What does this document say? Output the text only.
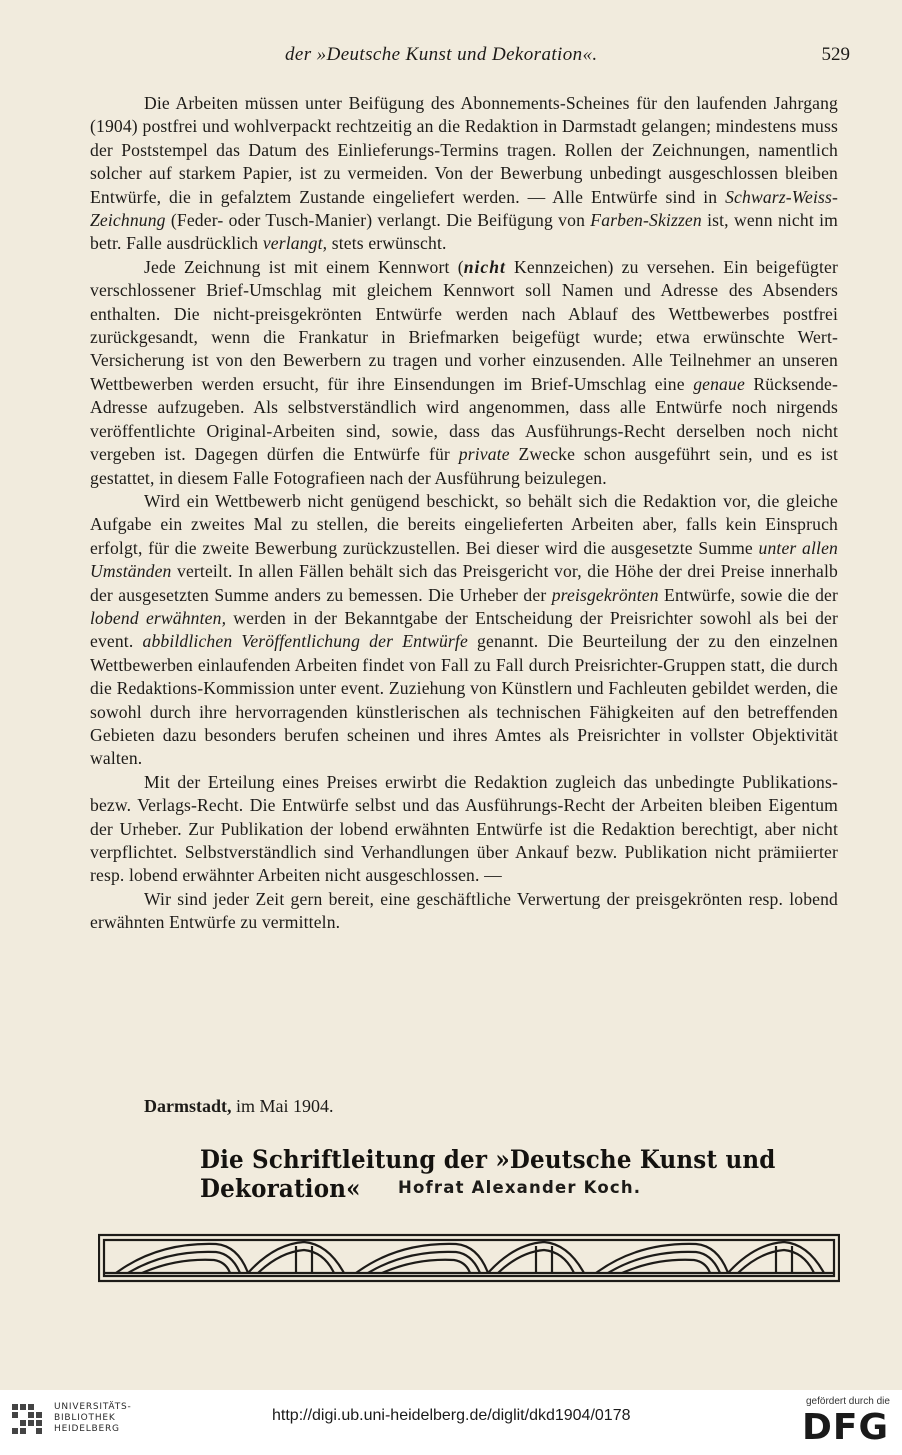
der »Deutsche Kunst und Dekoration«.	529

Die Arbeiten müssen unter Beifügung des Abonnements-Scheines für den laufenden Jahrgang (1904) postfrei und wohlverpackt rechtzeitig an die Redaktion in Darmstadt gelangen; mindestens muss der Poststempel das Datum des Einlieferungs-Termins tragen. Rollen der Zeichnungen, namentlich solcher auf starkem Papier, ist zu vermeiden. Von der Bewerbung unbedingt ausgeschlossen bleiben Entwürfe, die in gefalztem Zustande eingeliefert werden. — Alle Entwürfe sind in Schwarz-Weiss-Zeichnung (Feder- oder Tusch-Manier) verlangt. Die Beifügung von Farben-Skizzen ist, wenn nicht im betr. Falle ausdrücklich verlangt, stets erwünscht.

Jede Zeichnung ist mit einem Kennwort (nicht Kennzeichen) zu versehen. Ein beigefügter verschlossener Brief-Umschlag mit gleichem Kennwort soll Namen und Adresse des Absenders enthalten. Die nicht-preisgekrönten Entwürfe werden nach Ablauf des Wettbewerbes postfrei zurückgesandt, wenn die Frankatur in Briefmarken beigefügt wurde; etwa erwünschte Wert-Versicherung ist von den Bewerbern zu tragen und vorher einzusenden. Alle Teilnehmer an unseren Wettbewerben werden ersucht, für ihre Einsendungen im Brief-Umschlag eine genaue Rücksende-Adresse aufzugeben. Als selbstverständlich wird angenommen, dass alle Entwürfe noch nirgends veröffentlichte Original-Arbeiten sind, sowie, dass das Ausführungs-Recht derselben noch nicht vergeben ist. Dagegen dürfen die Entwürfe für private Zwecke schon ausgeführt sein, und es ist gestattet, in diesem Falle Fotografieen nach der Ausführung beizulegen.

Wird ein Wettbewerb nicht genügend beschickt, so behält sich die Redaktion vor, die gleiche Aufgabe ein zweites Mal zu stellen, die bereits eingelieferten Arbeiten aber, falls kein Einspruch erfolgt, für die zweite Bewerbung zurückzustellen. Bei dieser wird die ausgesetzte Summe unter allen Umständen verteilt. In allen Fällen behält sich das Preisgericht vor, die Höhe der drei Preise innerhalb der ausgesetzten Summe anders zu bemessen. Die Urheber der preisgekrönten Entwürfe, sowie die der lobend erwähnten, werden in der Bekanntgabe der Entscheidung der Preisrichter sowohl als bei der event. abbildlichen Veröffentlichung der Entwürfe genannt. Die Beurteilung der zu den einzelnen Wettbewerben einlaufenden Arbeiten findet von Fall zu Fall durch Preisrichter-Gruppen statt, die durch die Redaktions-Kommission unter event. Zuziehung von Künstlern und Fachleuten gebildet werden, die sowohl durch ihre hervorragenden künstlerischen als technischen Fähigkeiten auf den betreffenden Gebieten dazu besonders berufen scheinen und ihres Amtes als Preisrichter in vollster Objektivität walten.

Mit der Erteilung eines Preises erwirbt die Redaktion zugleich das unbedingte Publikations- bezw. Verlags-Recht. Die Entwürfe selbst und das Ausführungs-Recht der Arbeiten bleiben Eigentum der Urheber. Zur Publikation der lobend erwähnten Entwürfe ist die Redaktion berechtigt, aber nicht verpflichtet. Selbstverständlich sind Verhandlungen über Ankauf bezw. Publikation nicht prämiierter resp. lobend erwähnter Arbeiten nicht ausgeschlossen. —

Wir sind jeder Zeit gern bereit, eine geschäftliche Verwertung der preisgekrönten resp. lobend erwähnten Entwürfe zu vermitteln.

Darmstadt, im Mai 1904.
Die Schriftleitung der »Deutsche Kunst und Dekoration«	Hofrat Alexander Koch.
UNIVERSITÄTS-
BIBLIOTHEK
HEIDELBERG
http://digi.ub.uni-heidelberg.de/diglit/dkd1904/0178
gefördert durch die
DFG
